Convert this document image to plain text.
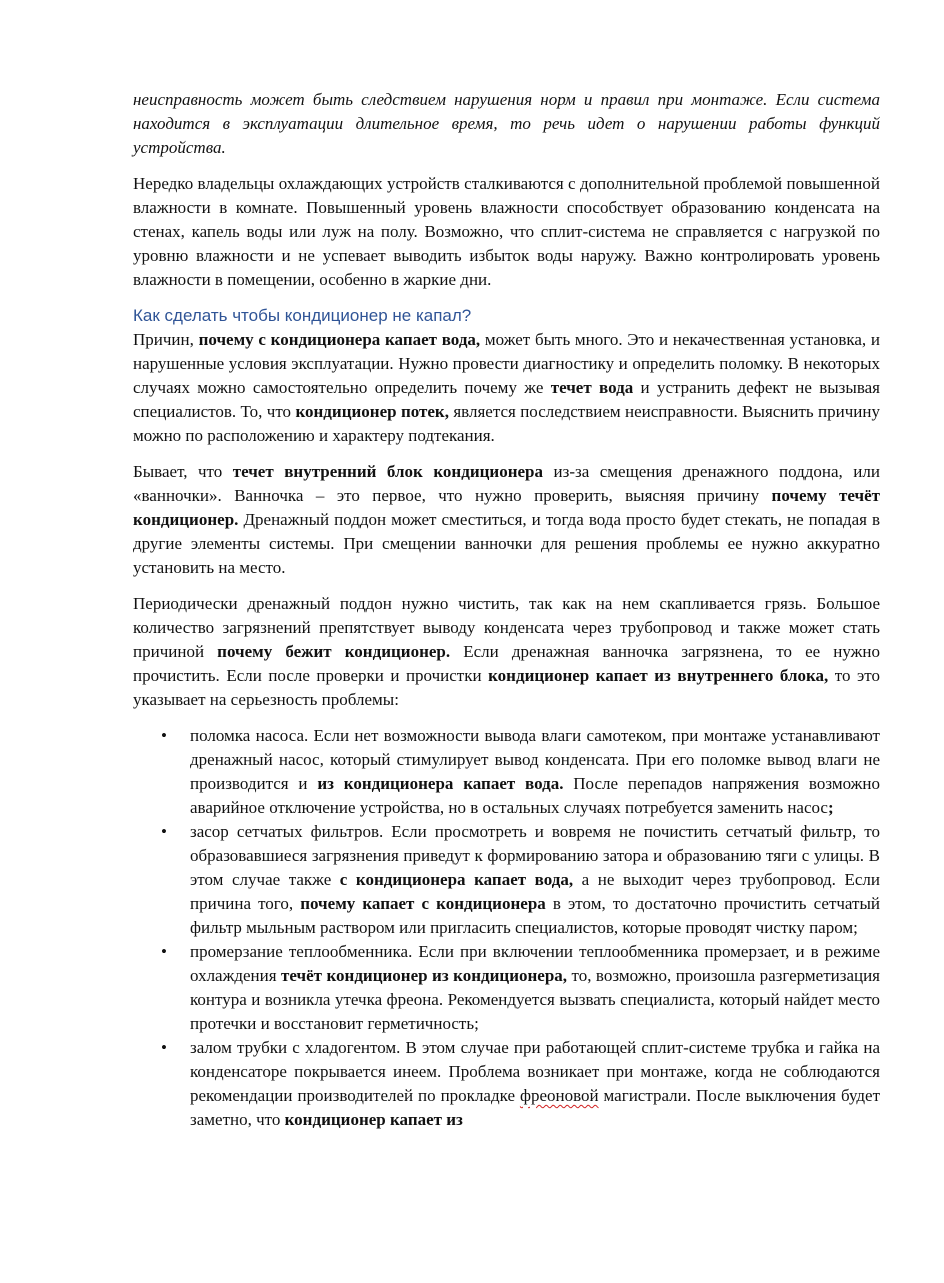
неисправность может быть следствием нарушения норм и правил при монтаже. Если система находится в эксплуатации длительное время, то речь идет о нарушении работы функций устройства.

Нередко владельцы охлаждающих устройств сталкиваются с дополнительной проблемой повышенной влажности в комнате. Повышенный уровень влажности способствует образованию конденсата на стенах, капель воды или луж на полу. Возможно, что сплит-система не справляется с нагрузкой по уровню влажности и не успевает выводить избыток воды наружу. Важно контролировать уровень влажности в помещении, особенно в жаркие дни.

Как сделать чтобы кондиционер не капал?

Причин, почему с кондиционера капает вода, может быть много. Это и некачественная установка, и нарушенные условия эксплуатации. Нужно провести диагностику и определить поломку. В некоторых случаях можно самостоятельно определить почему же течет вода и устранить дефект не вызывая специалистов. То, что кондиционер потек, является последствием неисправности. Выяснить причину можно по расположению и характеру подтекания.

Бывает, что течет внутренний блок кондиционера из-за смещения дренажного поддона, или «ванночки». Ванночка – это первое, что нужно проверить, выясняя причину почему течёт кондиционер. Дренажный поддон может сместиться, и тогда вода просто будет стекать, не попадая в другие элементы системы. При смещении ванночки для решения проблемы ее нужно аккуратно установить на место.

Периодически дренажный поддон нужно чистить, так как на нем скапливается грязь. Большое количество загрязнений препятствует выводу конденсата через трубопровод и также может стать причиной почему бежит кондиционер. Если дренажная ванночка загрязнена, то ее нужно прочистить. Если после проверки и прочистки кондиционер капает из внутреннего блока, то это указывает на серьезность проблемы:

• поломка насоса. Если нет возможности вывода влаги самотеком, при монтаже устанавливают дренажный насос, который стимулирует вывод конденсата. При его поломке вывод влаги не производится и из кондиционера капает вода. После перепадов напряжения возможно аварийное отключение устройства, но в остальных случаях потребуется заменить насос;
• засор сетчатых фильтров. Если просмотреть и вовремя не почистить сетчатый фильтр, то образовавшиеся загрязнения приведут к формированию затора и образованию тяги с улицы. В этом случае также с кондиционера капает вода, а не выходит через трубопровод. Если причина того, почему капает с кондиционера в этом, то достаточно прочистить сетчатый фильтр мыльным раствором или пригласить специалистов, которые проводят чистку паром;
• промерзание теплообменника. Если при включении теплообменника промерзает, и в режиме охлаждения течёт кондиционер из кондиционера, то, возможно, произошла разгерметизация контура и возникла утечка фреона. Рекомендуется вызвать специалиста, который найдет место протечки и восстановит герметичность;
• залом трубки с хладогентом. В этом случае при работающей сплит-системе трубка и гайка на конденсаторе покрывается инеем. Проблема возникает при монтаже, когда не соблюдаются рекомендации производителей по прокладке фреоновой магистрали. После выключения будет заметно, что кондиционер капает из
